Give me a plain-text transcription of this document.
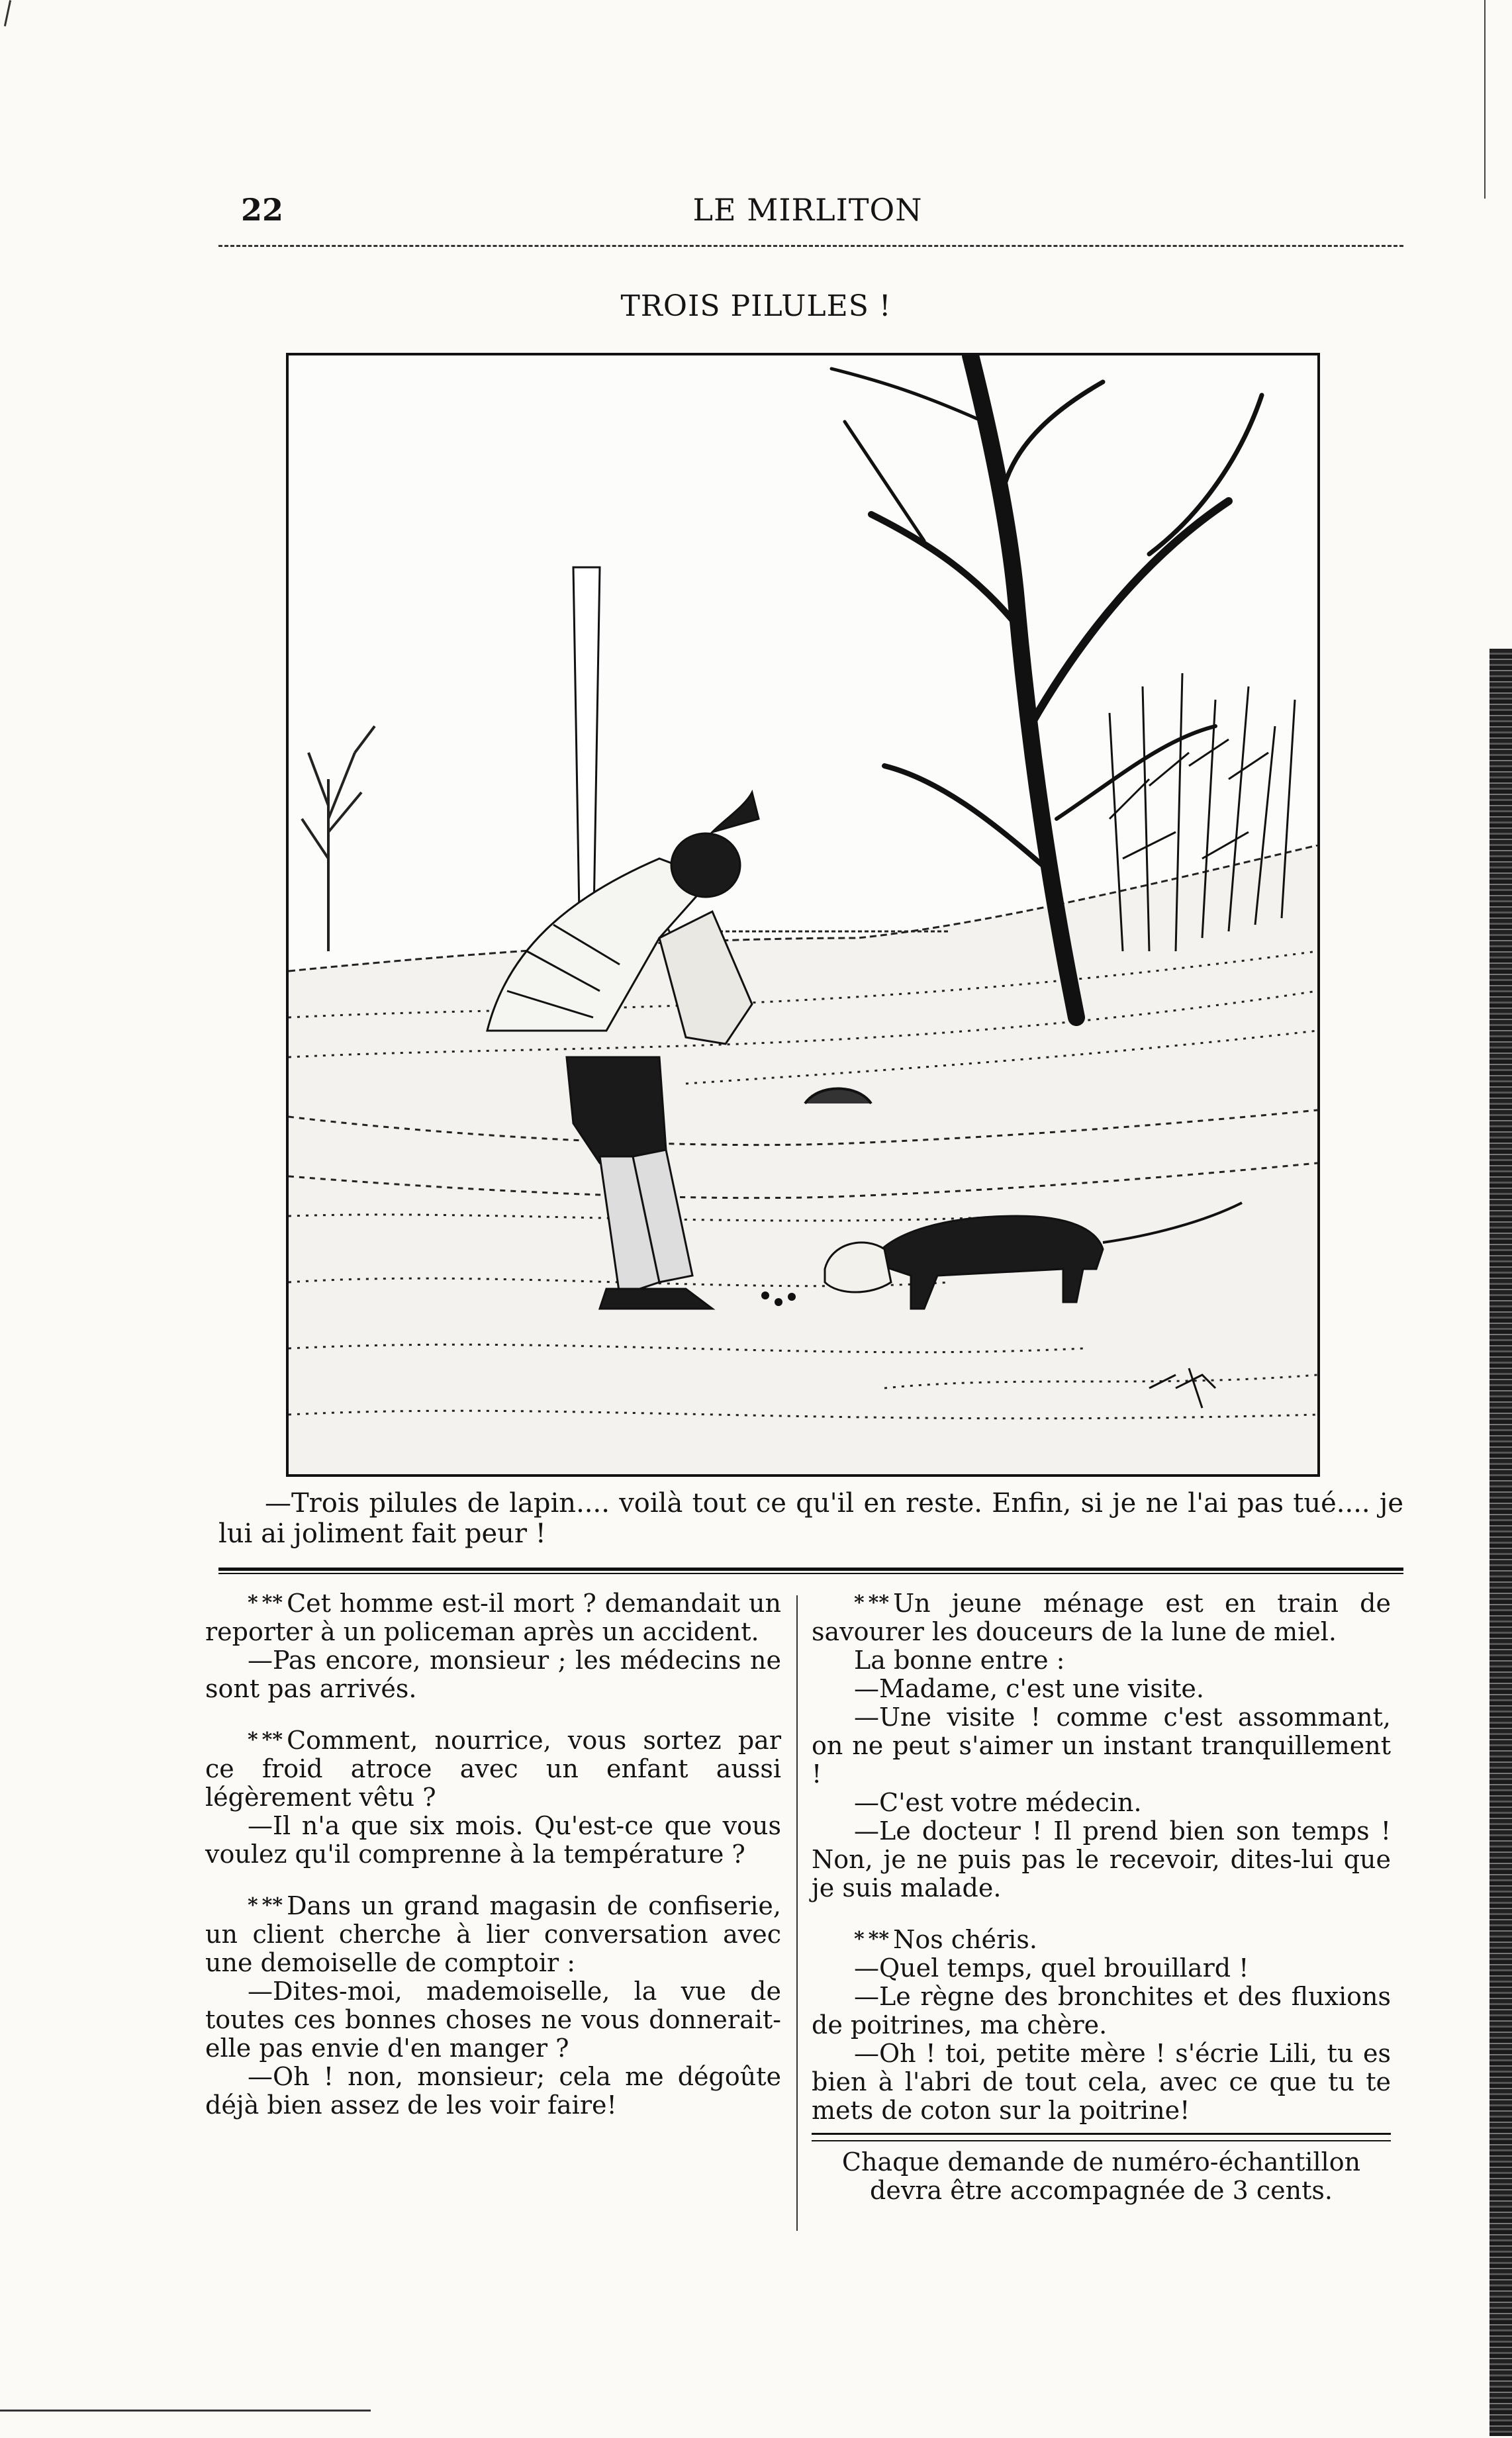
22	LE MIRLITON
TROIS PILULES !
—Trois pilules de lapin.... voilà tout ce qu'il en reste. Enfin, si je ne l'ai pas tué.... je lui ai joliment fait peur !

* ** Cet homme est-il mort ? demandait un reporter à un policeman après un accident.

—Pas encore, monsieur ; les médecins ne sont pas arrivés.

* ** Comment, nourrice, vous sortez par ce froid atroce avec un enfant aussi légèrement vêtu ?

—Il n'a que six mois. Qu'est-ce que vous voulez qu'il comprenne à la température ?

* ** Dans un grand magasin de confiserie, un client cherche à lier conversation avec une demoiselle de comptoir :

—Dites-moi, mademoiselle, la vue de toutes ces bonnes choses ne vous donnerait-elle pas envie d'en manger ?

—Oh ! non, monsieur; cela me dégoûte déjà bien assez de les voir faire!

* ** Un jeune ménage est en train de savourer les douceurs de la lune de miel.

La bonne entre :

—Madame, c'est une visite.

—Une visite ! comme c'est assommant, on ne peut s'aimer un instant tranquillement !

—C'est votre médecin.

—Le docteur ! Il prend bien son temps ! Non, je ne puis pas le recevoir, dites-lui que je suis malade.

* ** Nos chéris.

—Quel temps, quel brouillard !

—Le règne des bronchites et des fluxions de poitrines, ma chère.

—Oh ! toi, petite mère ! s'écrie Lili, tu es bien à l'abri de tout cela, avec ce que tu te mets de coton sur la poitrine!

Chaque demande de numéro-échantillon devra être accompagnée de 3 cents.
